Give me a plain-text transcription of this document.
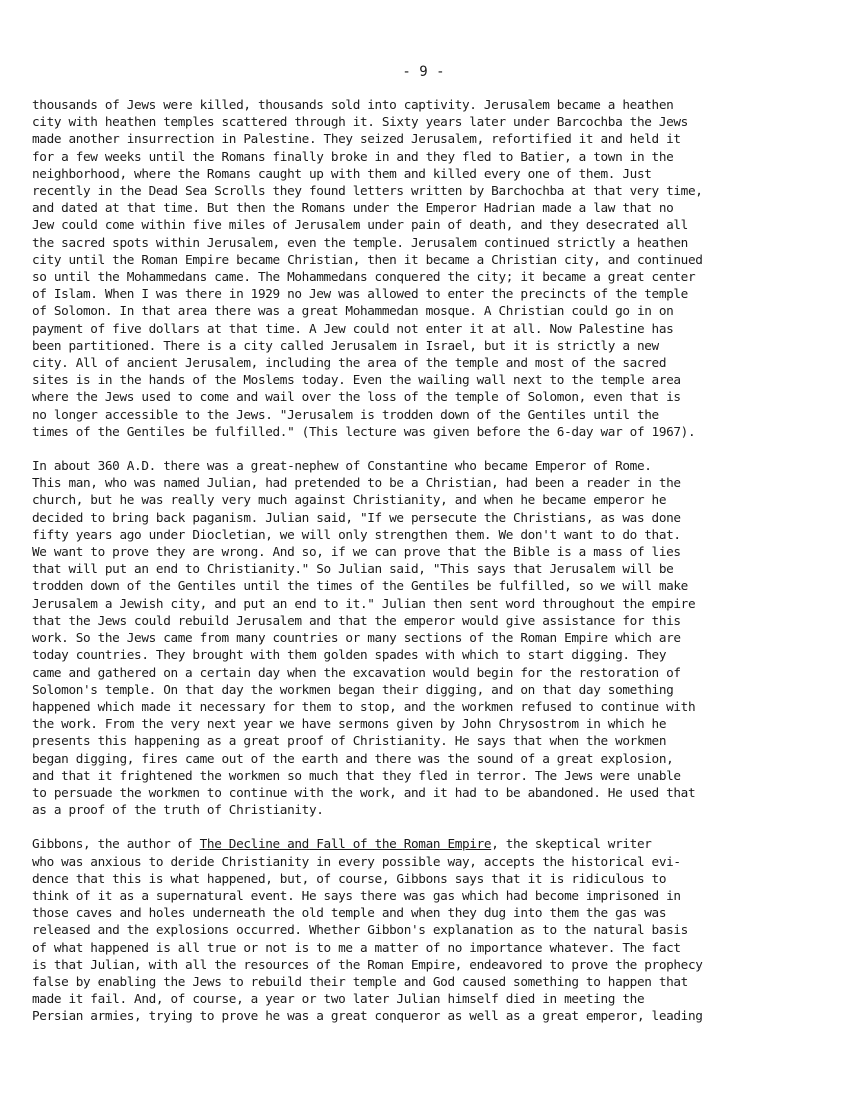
- 9 -
thousands of Jews were killed, thousands sold into captivity. Jerusalem became a heathen
city with heathen temples scattered through it. Sixty years later under Barcochba the Jews
made another insurrection in Palestine. They seized Jerusalem, refortified it and held it
for a few weeks until the Romans finally broke in and they fled to Batier, a town in the
neighborhood, where the Romans caught up with them and killed every one of them. Just
recently in the Dead Sea Scrolls they found letters written by Barchochba at that very time,
and dated at that time. But then the Romans under the Emperor Hadrian made a law that no
Jew could come within five miles of Jerusalem under pain of death, and they desecrated all
the sacred spots within Jerusalem, even the temple. Jerusalem continued strictly a heathen
city until the Roman Empire became Christian, then it became a Christian city, and continued
so until the Mohammedans came. The Mohammedans conquered the city; it became a great center
of Islam. When I was there in 1929 no Jew was allowed to enter the precincts of the temple
of Solomon. In that area there was a great Mohammedan mosque. A Christian could go in on
payment of five dollars at that time. A Jew could not enter it at all. Now Palestine has
been partitioned. There is a city called Jerusalem in Israel, but it is strictly a new
city. All of ancient Jerusalem, including the area of the temple and most of the sacred
sites is in the hands of the Moslems today. Even the wailing wall next to the temple area
where the Jews used to come and wail over the loss of the temple of Solomon, even that is
no longer accessible to the Jews. "Jerusalem is trodden down of the Gentiles until the
times of the Gentiles be fulfilled." (This lecture was given before the 6-day war of 1967).
In about 360 A.D. there was a great-nephew of Constantine who became Emperor of Rome.
This man, who was named Julian, had pretended to be a Christian, had been a reader in the
church, but he was really very much against Christianity, and when he became emperor he
decided to bring back paganism. Julian said, "If we persecute the Christians, as was done
fifty years ago under Diocletian, we will only strengthen them. We don't want to do that.
We want to prove they are wrong. And so, if we can prove that the Bible is a mass of lies
that will put an end to Christianity." So Julian said, "This says that Jerusalem will be
trodden down of the Gentiles until the times of the Gentiles be fulfilled, so we will make
Jerusalem a Jewish city, and put an end to it." Julian then sent word throughout the empire
that the Jews could rebuild Jerusalem and that the emperor would give assistance for this
work. So the Jews came from many countries or many sections of the Roman Empire which are
today countries. They brought with them golden spades with which to start digging. They
came and gathered on a certain day when the excavation would begin for the restoration of
Solomon's temple. On that day the workmen began their digging, and on that day something
happened which made it necessary for them to stop, and the workmen refused to continue with
the work. From the very next year we have sermons given by John Chrysostrom in which he
presents this happening as a great proof of Christianity. He says that when the workmen
began digging, fires came out of the earth and there was the sound of a great explosion,
and that it frightened the workmen so much that they fled in terror. The Jews were unable
to persuade the workmen to continue with the work, and it had to be abandoned. He used that
as a proof of the truth of Christianity.
Gibbons, the author of The Decline and Fall of the Roman Empire, the skeptical writer
who was anxious to deride Christianity in every possible way, accepts the historical evi-
dence that this is what happened, but, of course, Gibbons says that it is ridiculous to
think of it as a supernatural event. He says there was gas which had become imprisoned in
those caves and holes underneath the old temple and when they dug into them the gas was
released and the explosions occurred. Whether Gibbon's explanation as to the natural basis
of what happened is all true or not is to me a matter of no importance whatever. The fact
is that Julian, with all the resources of the Roman Empire, endeavored to prove the prophecy
false by enabling the Jews to rebuild their temple and God caused something to happen that
made it fail. And, of course, a year or two later Julian himself died in meeting the
Persian armies, trying to prove he was a great conqueror as well as a great emperor, leading
